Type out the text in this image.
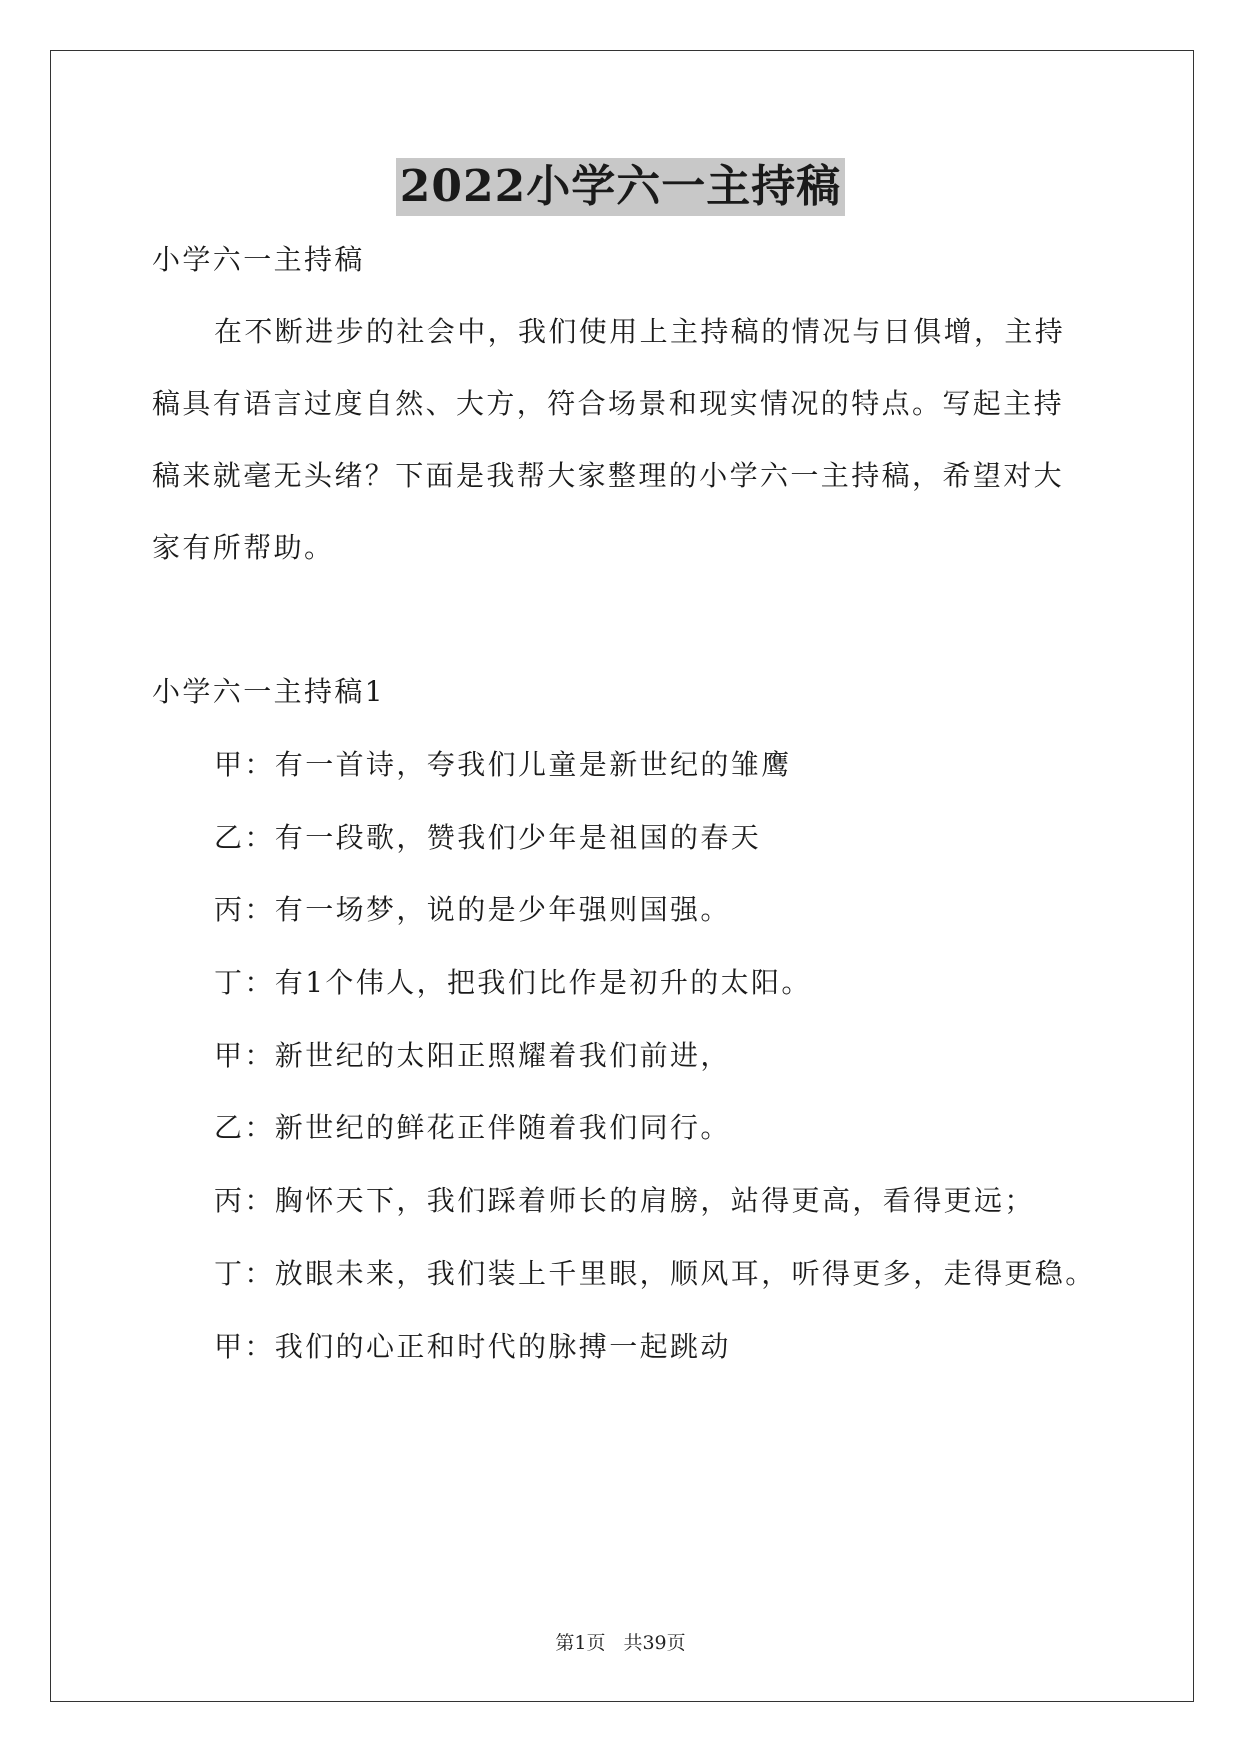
2022小学六一主持稿
小学六一主持稿
在不断进步的社会中，我们使用上主持稿的情况与日俱增，主持
稿具有语言过度自然、大方，符合场景和现实情况的特点。写起主持
稿来就毫无头绪？下面是我帮大家整理的小学六一主持稿，希望对大
家有所帮助。
小学六一主持稿1
甲：有一首诗，夸我们儿童是新世纪的雏鹰
乙：有一段歌，赞我们少年是祖国的春天
丙：有一场梦，说的是少年强则国强。
丁：有1个伟人，把我们比作是初升的太阳。
甲：新世纪的太阳正照耀着我们前进，
乙：新世纪的鲜花正伴随着我们同行。
丙：胸怀天下，我们踩着师长的肩膀，站得更高，看得更远；
丁：放眼未来，我们装上千里眼，顺风耳，听得更多，走得更稳。
甲：我们的心正和时代的脉搏一起跳动
第1页 共39页
